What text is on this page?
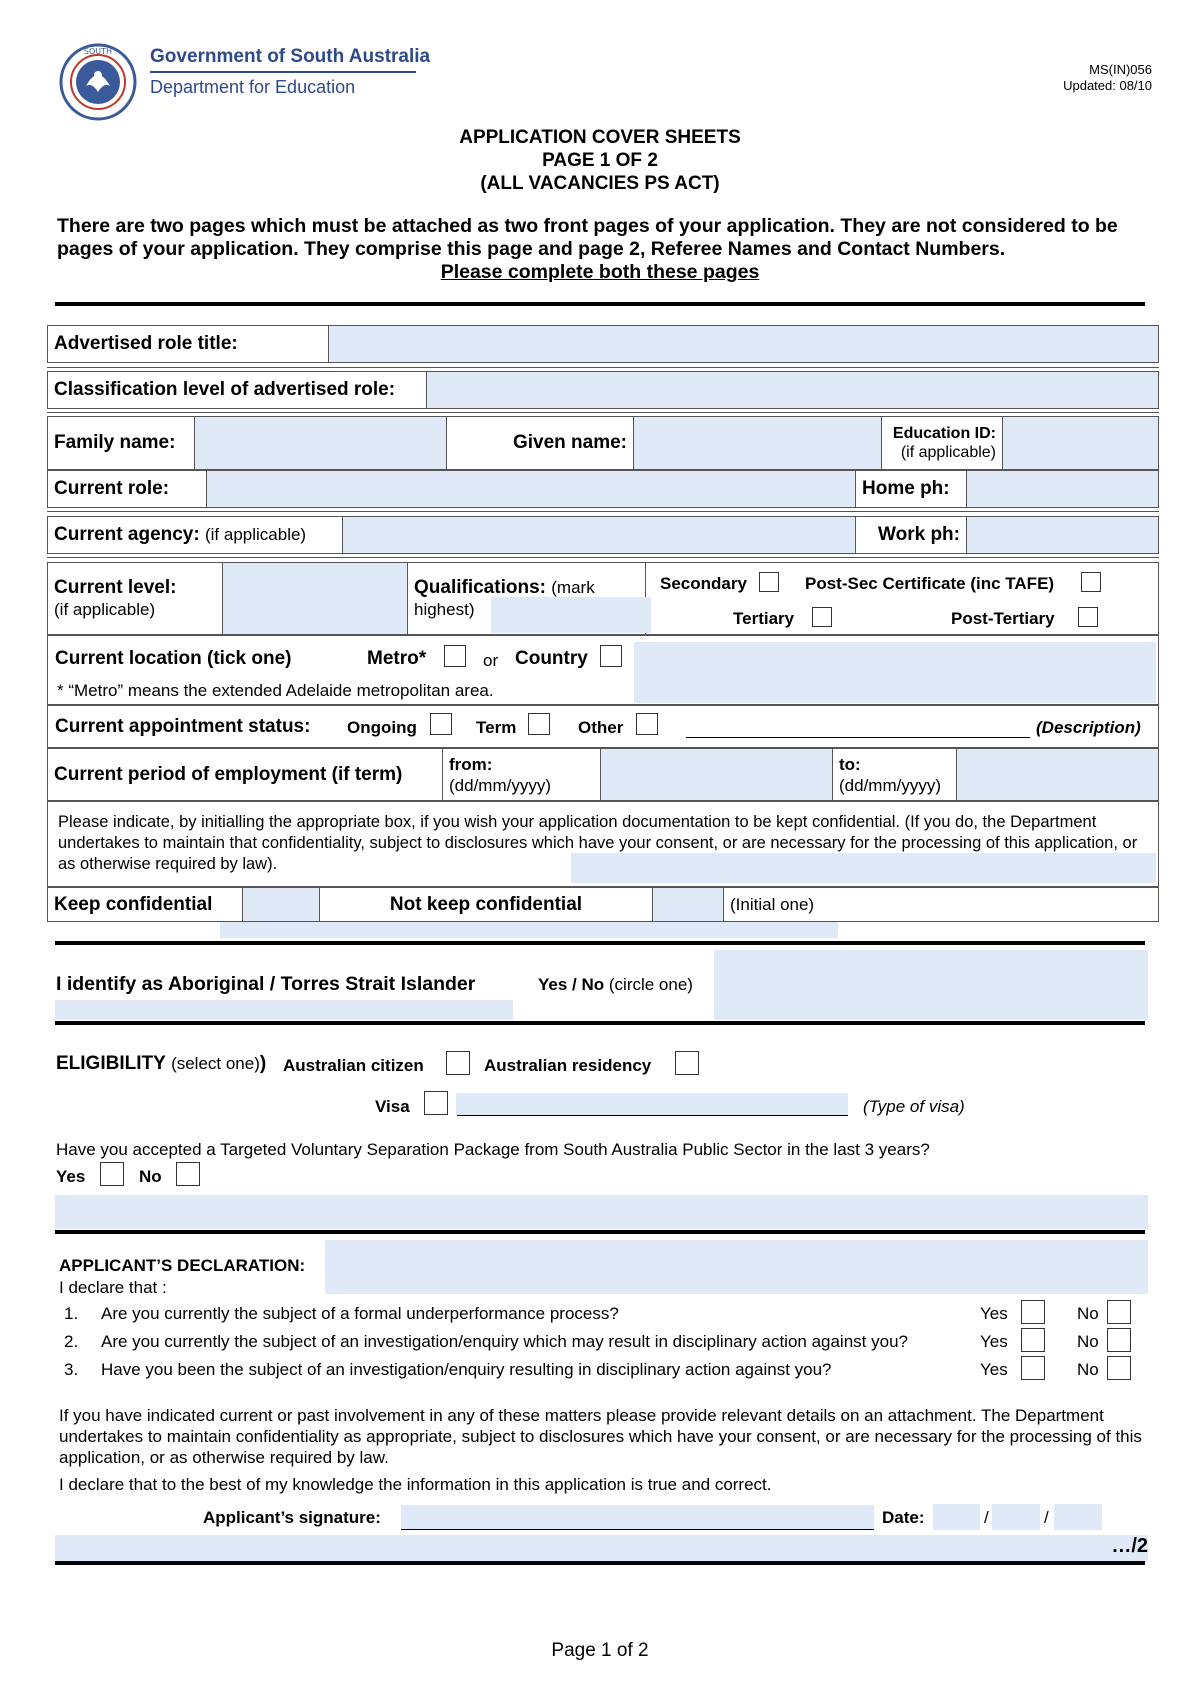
SOUTH Government of South Australia
Department for Education
MS(IN)056
Updated: 08/10
APPLICATION COVER SHEETS
PAGE 1 OF 2
(ALL VACANCIES PS ACT)
There are two pages which must be attached as two front pages of your application. They are not considered to be pages of your application. They comprise this page and page 2, Referee Names and Contact Numbers.
Please complete both these pages
Advertised role title:	
Classification level of advertised role:	
Family name:		Given name:		Education ID:
(if applicable)

Current role:		Home ph:	
Current agency: (if applicable)		Work ph:	
Current level:
(if applicable)

Qualifications: (mark
highest)

Secondary	Post-Sec Certificate (inc TAFE)
Tertiary	Post-Tertiary
Current location (tick one)	Metro*	or Country
* “Metro” means the extended Adelaide metropolitan area.
Current appointment status: Ongoing	Term	Other	(Description)
Current period of employment (if term)	from:
(dd/mm/yyyy)

to:
(dd/mm/yyyy)

Please indicate, by initialling the appropriate box, if you wish your application documentation to be kept confidential. (If you do, the Department undertakes to maintain that confidentiality, subject to disclosures which have your consent, or are necessary for the processing of this application, or as otherwise required by law).
Keep confidential		Not keep confidential		(Initial one)
I identify as Aboriginal / Torres Strait Islander	Yes / No (circle one)
ELIGIBILITY (select one)) Australian citizen	Australian residency
Visa	(Type of visa)
Have you accepted a Targeted Voluntary Separation Package from South Australia Public Sector in the last 3 years?
Yes	No
APPLICANT’S DECLARATION:
I declare that :
1. Are you currently the subject of a formal underperformance process?
2. Are you currently the subject of an investigation/enquiry which may result in disciplinary action against you?
3. Have you been the subject of an investigation/enquiry resulting in disciplinary action against you?
Yes	No
Yes	No
Yes	No
If you have indicated current or past involvement in any of these matters please provide relevant details on an attachment. The Department undertakes to maintain confidentiality as appropriate, subject to disclosures which have your consent, or are necessary for the processing of this application, or as otherwise required by law.
I declare that to the best of my knowledge the information in this application is true and correct.
Applicant’s signature:	Date:	/	/
…/2
Page 1 of 2
